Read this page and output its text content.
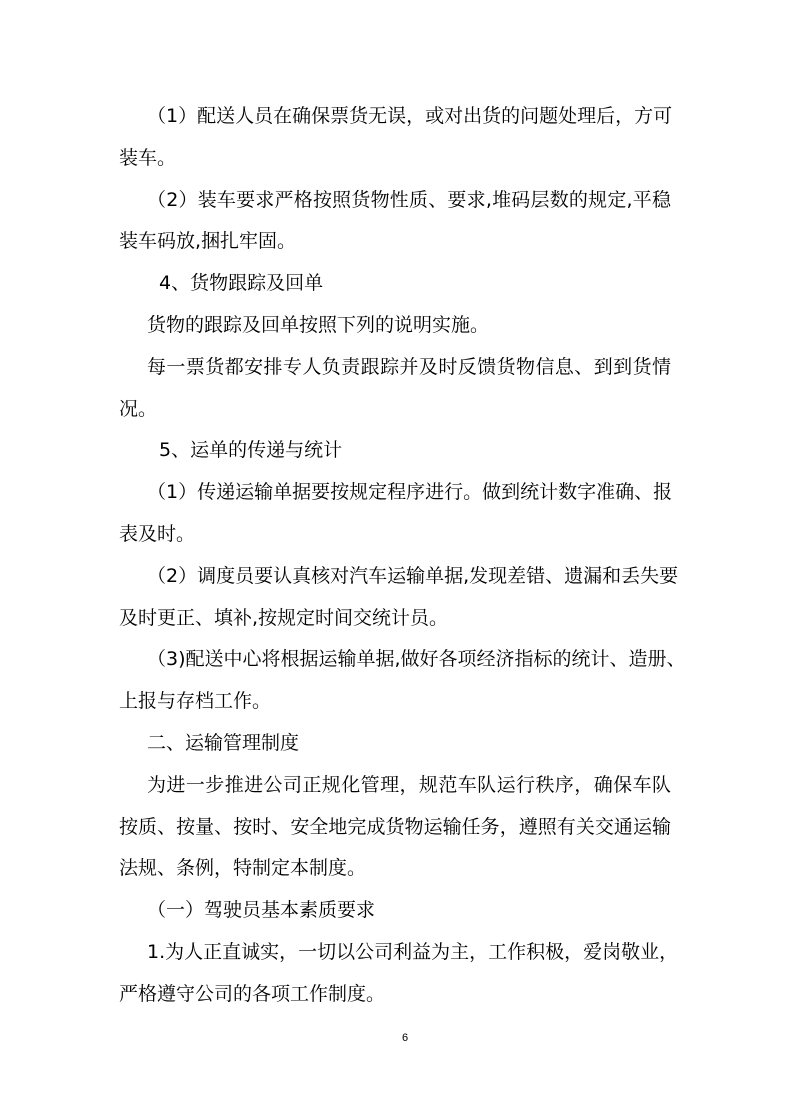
（1）配送人员在确保票货无误，或对出货的问题处理后，方可
装车。
（2）装车要求严格按照货物性质、要求,堆码层数的规定,平稳
装车码放,捆扎牢固。
4、货物跟踪及回单
货物的跟踪及回单按照下列的说明实施。
每一票货都安排专人负责跟踪并及时反馈货物信息、到到货情
况。
5、运单的传递与统计
（1）传递运输单据要按规定程序进行。做到统计数字准确、报
表及时。
（2）调度员要认真核对汽车运输单据,发现差错、遗漏和丢失要
及时更正、填补,按规定时间交统计员。
（3)配送中心将根据运输单据,做好各项经济指标的统计、造册、
上报与存档工作。
二、运输管理制度
为进一步推进公司正规化管理，规范车队运行秩序，确保车队
按质、按量、按时、安全地完成货物运输任务，遵照有关交通运输
法规、条例，特制定本制度。
（一）驾驶员基本素质要求
1.为人正直诚实，一切以公司利益为主，工作积极，爱岗敬业，
严格遵守公司的各项工作制度。
6
